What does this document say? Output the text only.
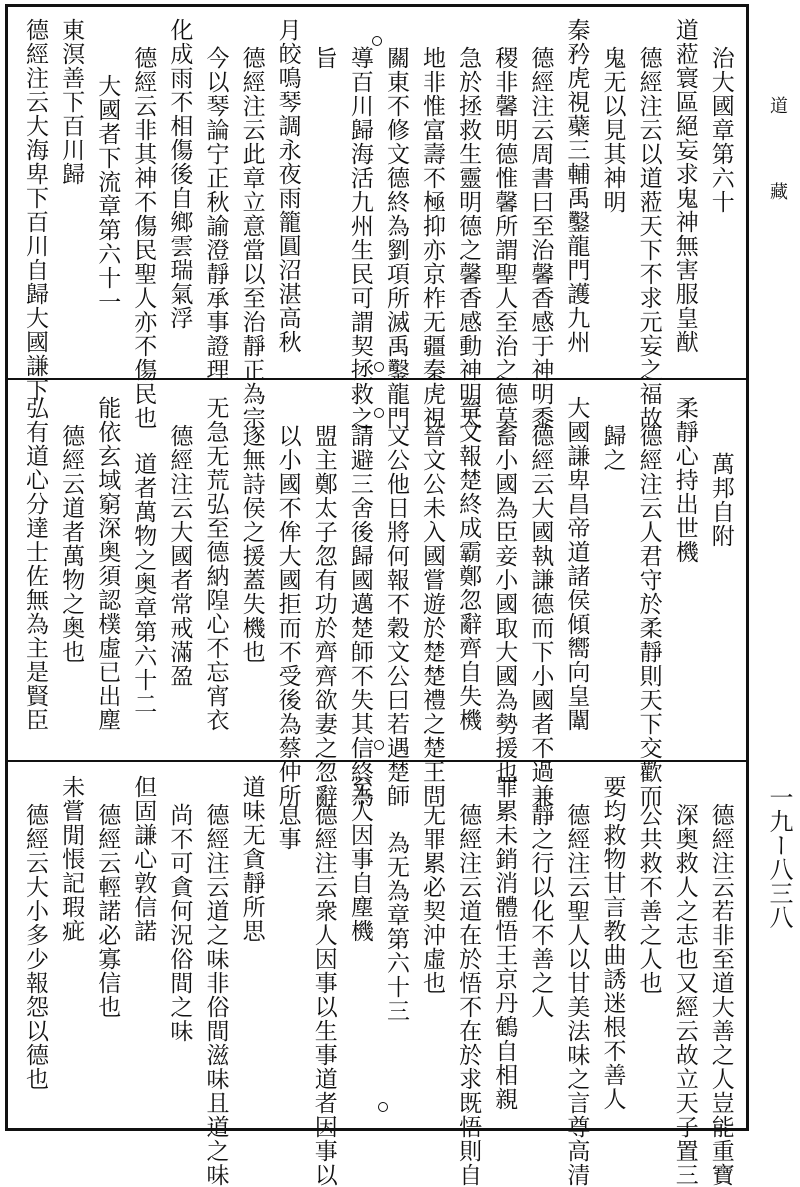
治大國章第六十
道蒞寰區絕妄求鬼神無害服皇猷
德經注云以道蒞天下不求元妄之福故
鬼无以見其神明
秦矜虎視蘗三輔禹鑿龍門護九州
德經注云周書曰至治馨香感于神明黍
稷非馨明德惟馨所謂聖人至治之德莫
急於拯救生靈明德之馨香感動神明天
地非惟富壽不極抑亦京柞无疆秦虎視
關東不修文德終為劉項所滅禹鑿龍門
導百川歸海活九州生民可謂契拯救之
旨
月皎鳴琴調永夜雨籠圓沼湛高秋
德經注云此章立意當以至治靜正為宗
今以琴論宁正秋諭澄靜承事證理
化成雨不相傷後自鄉雲瑞氣浮
德經云非其神不傷民聖人亦不傷民也
大國者下流章第六十一
東溟善下百川歸
德經注云大海卑下百川自歸大國謙下
萬邦自附
柔靜心持出世機
德經注云人君守於柔靜則天下交歡而
歸之
大國謙卑昌帝道諸侯傾嚮向皇闈
德經云大國執謙德而下小國者不過兼
畜小國為臣妾小國取大國為勢援也
晉文報楚終成霸鄭忽辭齊自失機
晉文公未入國嘗遊於楚楚禮之楚王問
文公他日將何報不穀文公曰若遇楚師
請避三舍後歸國邁楚師不失其信終為
盟主鄭太子忽有功於齊齊欲妻之忽辭
以小國不侔大國拒而不受後為蔡仲所
逐無詩侯之援蓋失機也
无急无荒弘至德納隍心不忘宵衣
德經注云大國者常戒滿盈
道者萬物之奥章第六十二
能依玄域窮深奥須認樸虛已出塵
德經云道者萬物之奥也
弘有道心分達士佐無為主是賢臣
德經注云若非至道大善之人豈能重寶
深奥救人之志也又經云故立天子置三
公共救不善之人也
要均救物甘言教曲誘迷根不善人
德經注云聖人以甘美法味之言尊高清
靜之行以化不善之人
罪累未銷消體悟王京丹鶴自相親
德經注云道在於悟不在於求既悟則自
无罪累必契沖虛也
為无為章第六十三
至人因事自塵機
德經注云衆人因事以生事道者因事以
息事
道味无貪靜所思
德經注云道之味非俗間滋味且道之味
尚不可貪何況俗間之味
但固謙心敦信諾
德經云輕諾必寡信也
未嘗閒悵記瑕疵
德經云大小多少報怨以德也
道
藏
一九ー八三八
